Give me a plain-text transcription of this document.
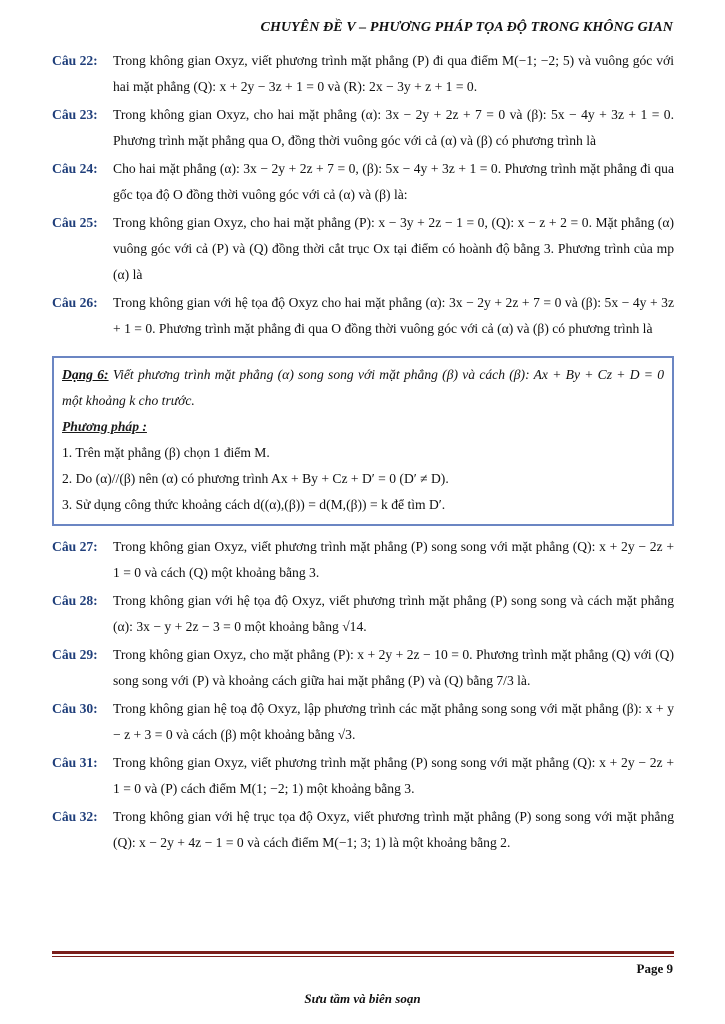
CHUYÊN ĐỀ V – PHƯƠNG PHÁP TỌA ĐỘ TRONG KHÔNG GIAN
Câu 22:	Trong không gian Oxyz, viết phương trình mặt phẳng (P) đi qua điểm M(−1; −2; 5) và vuông góc với hai mặt phẳng (Q): x + 2y − 3z + 1 = 0 và (R): 2x − 3y + z + 1 = 0.
Câu 23:	Trong không gian Oxyz, cho hai mặt phẳng (α): 3x − 2y + 2z + 7 = 0 và (β): 5x − 4y + 3z + 1 = 0. Phương trình mặt phẳng qua O, đồng thời vuông góc với cả (α) và (β) có phương trình là
Câu 24:	Cho hai mặt phẳng (α): 3x − 2y + 2z + 7 = 0, (β): 5x − 4y + 3z + 1 = 0. Phương trình mặt phẳng đi qua gốc tọa độ O đồng thời vuông góc với cả (α) và (β) là:
Câu 25:	Trong không gian Oxyz, cho hai mặt phẳng (P): x − 3y + 2z − 1 = 0, (Q): x − z + 2 = 0. Mặt phẳng (α) vuông góc với cả (P) và (Q) đồng thời cắt trục Ox tại điểm có hoành độ bằng 3. Phương trình của mp (α) là
Câu 26:	Trong không gian với hệ tọa độ Oxyz cho hai mặt phẳng (α): 3x − 2y + 2z + 7 = 0 và (β): 5x − 4y + 3z + 1 = 0. Phương trình mặt phẳng đi qua O đồng thời vuông góc với cả (α) và (β) có phương trình là
Dạng 6: Viết phương trình mặt phẳng (α) song song với mặt phẳng (β) và cách (β): Ax + By + Cz + D = 0 một khoảng k cho trước.
Phương pháp :
1. Trên mặt phẳng (β) chọn 1 điểm M.
2. Do (α)//(β) nên (α) có phương trình Ax + By + Cz + D′ = 0 (D′ ≠ D).
3. Sử dụng công thức khoảng cách d((α),(β)) = d(M,(β)) = k để tìm D′.
Câu 27:	Trong không gian Oxyz, viết phương trình mặt phẳng (P) song song với mặt phẳng (Q): x + 2y − 2z + 1 = 0 và cách (Q) một khoảng bằng 3.
Câu 28:	Trong không gian với hệ tọa độ Oxyz, viết phương trình mặt phẳng (P) song song và cách mặt phẳng (α): 3x − y + 2z − 3 = 0 một khoảng bằng √14.
Câu 29:	Trong không gian Oxyz, cho mặt phẳng (P): x + 2y + 2z − 10 = 0. Phương trình mặt phẳng (Q) với (Q) song song với (P) và khoảng cách giữa hai mặt phẳng (P) và (Q) bằng 7/3 là.
Câu 30:	Trong không gian hệ toạ độ Oxyz, lập phương trình các mặt phẳng song song với mặt phẳng (β): x + y − z + 3 = 0 và cách (β) một khoảng bằng √3.
Câu 31:	Trong không gian Oxyz, viết phương trình mặt phẳng (P) song song với mặt phẳng (Q): x + 2y − 2z + 1 = 0 và (P) cách điểm M(1; −2; 1) một khoảng bằng 3.
Câu 32:	Trong không gian với hệ trục tọa độ Oxyz, viết phương trình mặt phẳng (P) song song với mặt phẳng (Q): x − 2y + 4z − 1 = 0 và cách điểm M(−1; 3; 1) là một khoảng bằng 2.
Page 9
Sưu tầm và biên soạn
